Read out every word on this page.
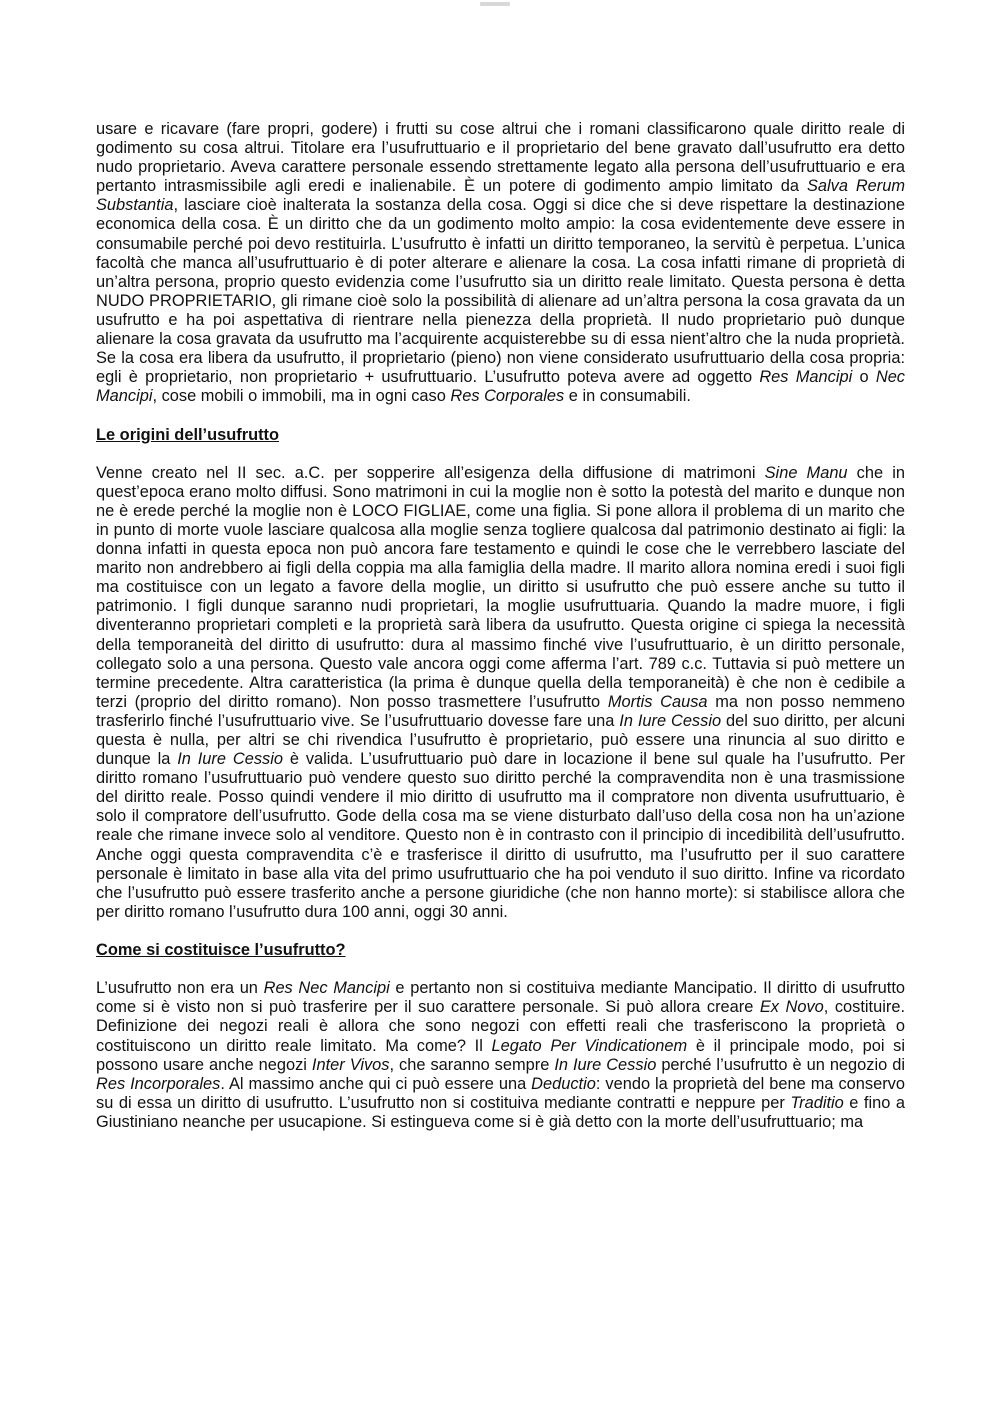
usare e ricavare (fare propri, godere) i frutti su cose altrui che i romani classificarono quale diritto reale di godimento su cosa altrui. Titolare era l’usufruttuario e il proprietario del bene gravato dall’usufrutto era detto nudo proprietario. Aveva carattere personale essendo strettamente legato alla persona dell’usufruttuario e era pertanto intrasmissibile agli eredi e inalienabile. È un potere di godimento ampio limitato da Salva Rerum Substantia, lasciare cioè inalterata la sostanza della cosa. Oggi si dice che si deve rispettare la destinazione economica della cosa. È un diritto che da un godimento molto ampio: la cosa evidentemente deve essere in consumabile perché poi devo restituirla. L’usufrutto è infatti un diritto temporaneo, la servitù è perpetua. L’unica facoltà che manca all’usufruttuario è di poter alterare e alienare la cosa. La cosa infatti rimane di proprietà di un’altra persona, proprio questo evidenzia come l’usufrutto sia un diritto reale limitato. Questa persona è detta NUDO PROPRIETARIO, gli rimane cioè solo la possibilità di alienare ad un’altra persona la cosa gravata da un usufrutto e ha poi aspettativa di rientrare nella pienezza della proprietà. Il nudo proprietario può dunque alienare la cosa gravata da usufrutto ma l’acquirente acquisterebbe su di essa nient’altro che la nuda proprietà. Se la cosa era libera da usufrutto, il proprietario (pieno) non viene considerato usufruttuario della cosa propria: egli è proprietario, non proprietario + usufruttuario. L’usufrutto poteva avere ad oggetto Res Mancipi o Nec Mancipi, cose mobili o immobili, ma in ogni caso Res Corporales e in consumabili.

Le origini dell’usufrutto

Venne creato nel II sec. a.C. per sopperire all’esigenza della diffusione di matrimoni Sine Manu che in quest’epoca erano molto diffusi. Sono matrimoni in cui la moglie non è sotto la potestà del marito e dunque non ne è erede perché la moglie non è LOCO FIGLIAE, come una figlia. Si pone allora il problema di un marito che in punto di morte vuole lasciare qualcosa alla moglie senza togliere qualcosa dal patrimonio destinato ai figli: la donna infatti in questa epoca non può ancora fare testamento e quindi le cose che le verrebbero lasciate del marito non andrebbero ai figli della coppia ma alla famiglia della madre. Il marito allora nomina eredi i suoi figli ma costituisce con un legato a favore della moglie, un diritto si usufrutto che può essere anche su tutto il patrimonio. I figli dunque saranno nudi proprietari, la moglie usufruttuaria. Quando la madre muore, i figli diventeranno proprietari completi e la proprietà sarà libera da usufrutto. Questa origine ci spiega la necessità della temporaneità del diritto di usufrutto: dura al massimo finché vive l’usufruttuario, è un diritto personale, collegato solo a una persona. Questo vale ancora oggi come afferma l’art. 789 c.c. Tuttavia si può mettere un termine precedente. Altra caratteristica (la prima è dunque quella della temporaneità) è che non è cedibile a terzi (proprio del diritto romano). Non posso trasmettere l’usufrutto Mortis Causa ma non posso nemmeno trasferirlo finché l’usufruttuario vive. Se l’usufruttuario dovesse fare una In Iure Cessio del suo diritto, per alcuni questa è nulla, per altri se chi rivendica l’usufrutto è proprietario, può essere una rinuncia al suo diritto e dunque la In Iure Cessio è valida. L’usufruttuario può dare in locazione il bene sul quale ha l’usufrutto. Per diritto romano l’usufruttuario può vendere questo suo diritto perché la compravendita non è una trasmissione del diritto reale. Posso quindi vendere il mio diritto di usufrutto ma il compratore non diventa usufruttuario, è solo il compratore dell’usufrutto. Gode della cosa ma se viene disturbato dall’uso della cosa non ha un’azione reale che rimane invece solo al venditore. Questo non è in contrasto con il principio di incedibilità dell’usufrutto. Anche oggi questa compravendita c’è e trasferisce il diritto di usufrutto, ma l’usufrutto per il suo carattere personale è limitato in base alla vita del primo usufruttuario che ha poi venduto il suo diritto. Infine va ricordato che l’usufrutto può essere trasferito anche a persone giuridiche (che non hanno morte): si stabilisce allora che per diritto romano l’usufrutto dura 100 anni, oggi 30 anni.

Come si costituisce l’usufrutto?

L’usufrutto non era un Res Nec Mancipi e pertanto non si costituiva mediante Mancipatio. Il diritto di usufrutto come si è visto non si può trasferire per il suo carattere personale. Si può allora creare Ex Novo, costituire. Definizione dei negozi reali è allora che sono negozi con effetti reali che trasferiscono la proprietà o costituiscono un diritto reale limitato. Ma come? Il Legato Per Vindicationem è il principale modo, poi si possono usare anche negozi Inter Vivos, che saranno sempre In Iure Cessio perché l’usufrutto è un negozio di Res Incorporales. Al massimo anche qui ci può essere una Deductio: vendo la proprietà del bene ma conservo su di essa un diritto di usufrutto. L’usufrutto non si costituiva mediante contratti e neppure per Traditio e fino a Giustiniano neanche per usucapione. Si estingueva come si è già detto con la morte dell’usufruttuario; ma
